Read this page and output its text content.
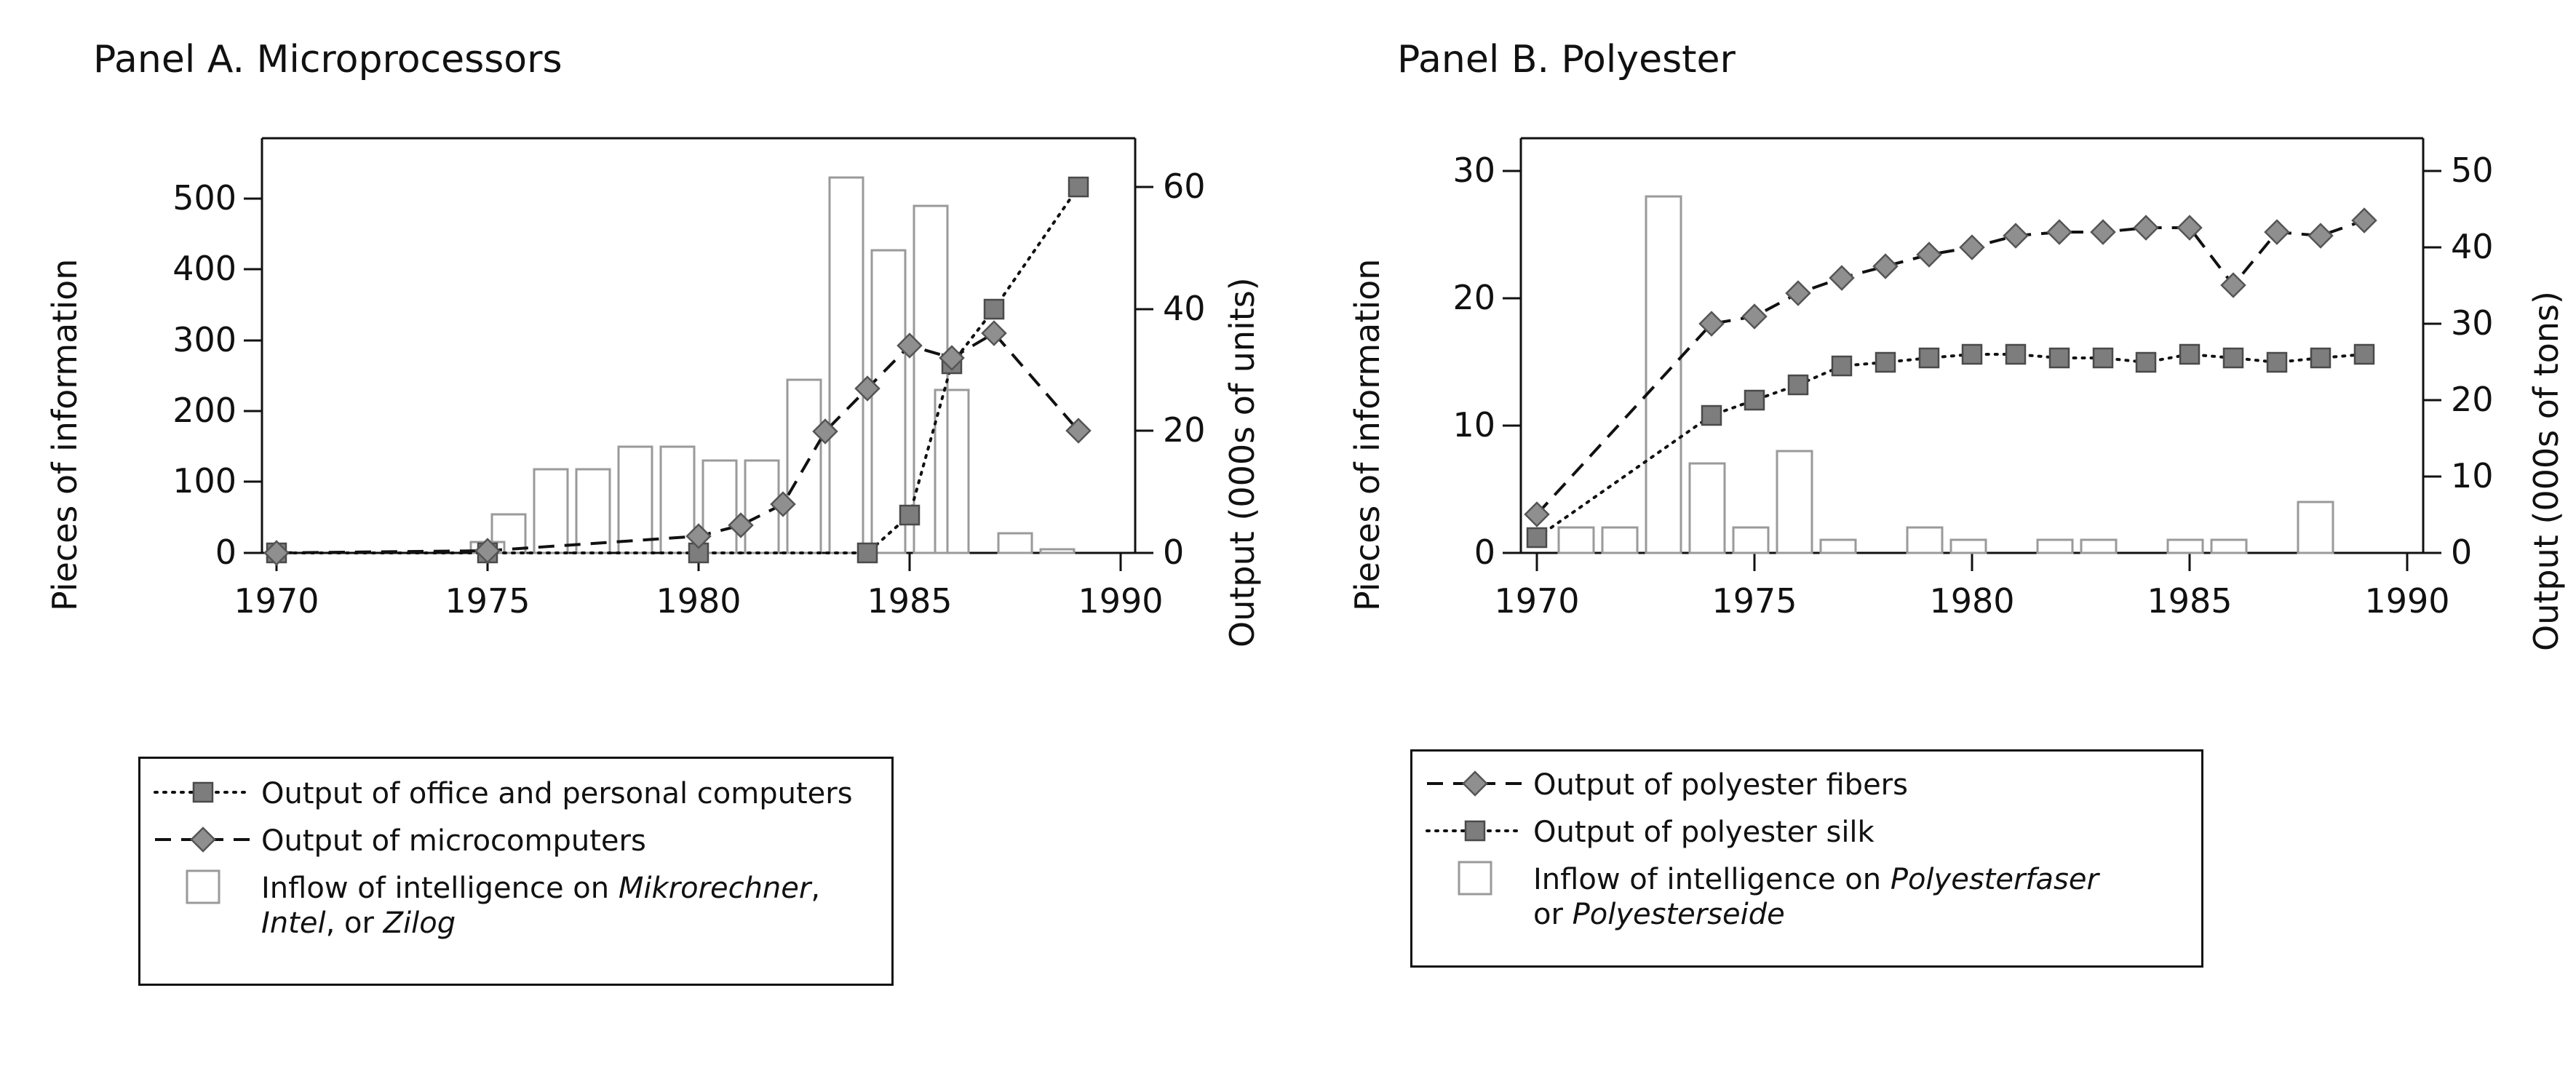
Panel A. Microprocessors
Pieces of information	Output (000s of units)
0
100
200
300
400
500
0
20
40
60
1970	1975	1980	1985	1990
Output of office and personal computers
Output of microcomputers
Inflow of intelligence on Mikrorechner,
Intel, or Zilog
Panel B. Polyester
Pieces of information	Output (000s of tons)
0
10
20
30
0
10
20
30
40
50
1970	1975	1980	1985	1990
Output of polyester fibers
Output of polyester silk
Inflow of intelligence on Polyesterfaser
or Polyesterseide
